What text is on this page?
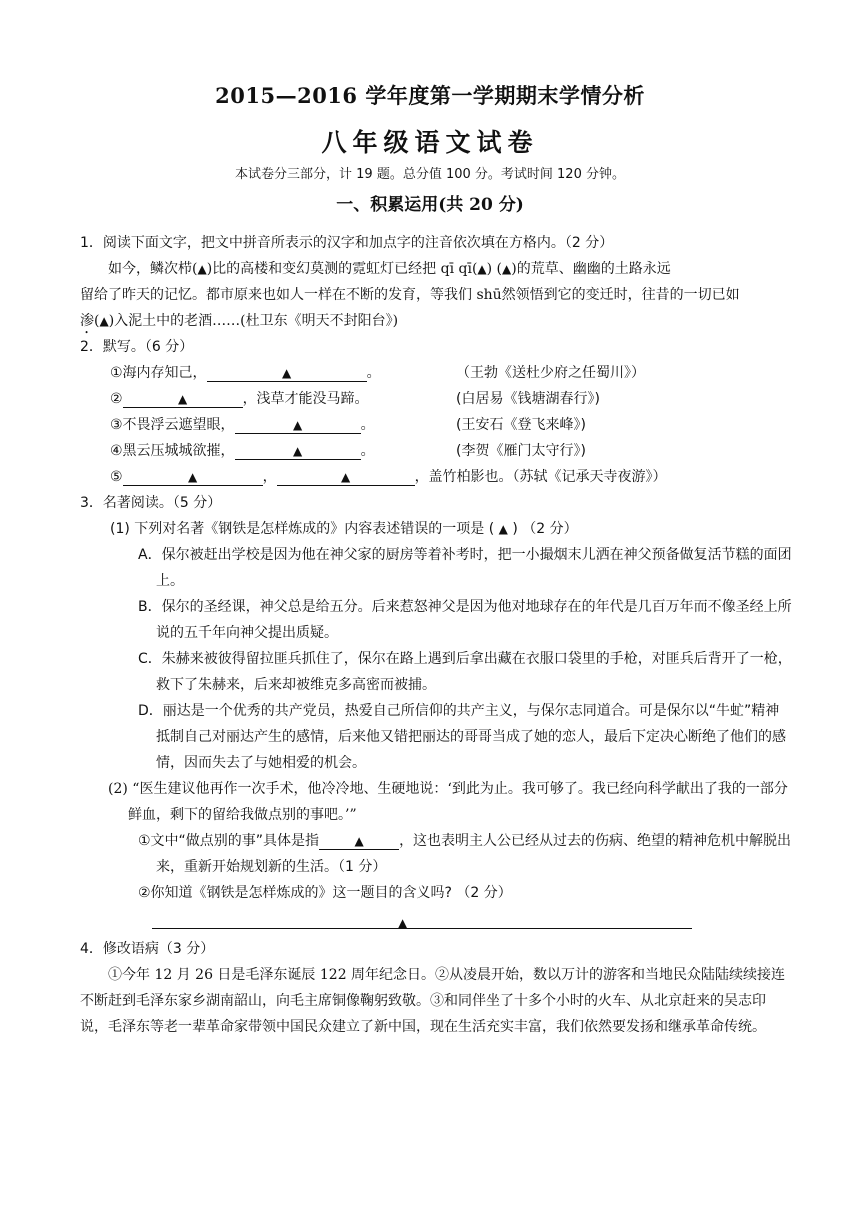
2015—2016 学年度第一学期期末学情分析
八年级语文试卷
本试卷分三部分，计 19 题。总分值 100 分。考试时间 120 分钟。
一、积累运用(共 20 分)
1．阅读下面文字，把文中拼音所表示的汉字和加点字的注音依次填在方格内。（2 分）
如今，鳞次栉(▲)比的高楼和变幻莫测的霓虹灯已经把 qī qī(▲) (▲)的荒草、幽幽的土路永远
留给了昨天的记忆。都市原来也如人一样在不断的发育，等我们 shū然领悟到它的变迁时，往昔的一切已如
渗(▲)入泥土中的老酒……(杜卫东《明天不封阳台》)
2．默写。（6 分）
①海内存知己，	▲	。	（王勃《送杜少府之任蜀川》）
②	▲	，浅草才能没马蹄。	(白居易《钱塘湖春行》)
③不畏浮云遮望眼，	▲	。	(王安石《登飞来峰》)
④黑云压城城欲摧，	▲	。	(李贺《雁门太守行》)
⑤	▲	，	▲	，盖竹柏影也。（苏轼《记承天寺夜游》）
3．名著阅读。（5 分）
(1) 下列对名著《钢铁是怎样炼成的》内容表述错误的一项是 ( ▲ ) （2 分）
A．保尔被赶出学校是因为他在神父家的厨房等着补考时，把一小撮烟末儿洒在神父预备做复活节糕的面团上。
B．保尔的圣经课，神父总是给五分。后来惹怒神父是因为他对地球存在的年代是几百万年而不像圣经上所说的五千年向神父提出质疑。
C．朱赫来被彼得留拉匪兵抓住了，保尔在路上遇到后拿出藏在衣服口袋里的手枪，对匪兵后背开了一枪，救下了朱赫来，后来却被维克多高密而被捕。
D．丽达是一个优秀的共产党员，热爱自己所信仰的共产主义，与保尔志同道合。可是保尔以“牛虻”精神抵制自己对丽达产生的感情，后来他又错把丽达的哥哥当成了她的恋人，最后下定决心断绝了他们的感情，因而失去了与她相爱的机会。
(2) “医生建议他再作一次手术，他冷冷地、生硬地说：‘到此为止。我可够了。我已经向科学献出了我的一部分鲜血，剩下的留给我做点别的事吧。’”
①文中“做点别的事”具体是指	▲	，这也表明主人公已经从过去的伤病、绝望的精神危机中解脱出来，重新开始规划新的生活。（1 分）
②你知道《钢铁是怎样炼成的》这一题目的含义吗? （2 分）
▲
4．修改语病（3 分）
①今年 12 月 26 日是毛泽东诞辰 122 周年纪念日。②从凌晨开始，数以万计的游客和当地民众陆陆续续接连不断赶到毛泽东家乡湖南韶山，向毛主席铜像鞠躬致敬。③和同伴坐了十多个小时的火车、从北京赶来的吴志印说，毛泽东等老一辈革命家带领中国民众建立了新中国，现在生活充实丰富，我们依然要发扬和继承革命传统。
